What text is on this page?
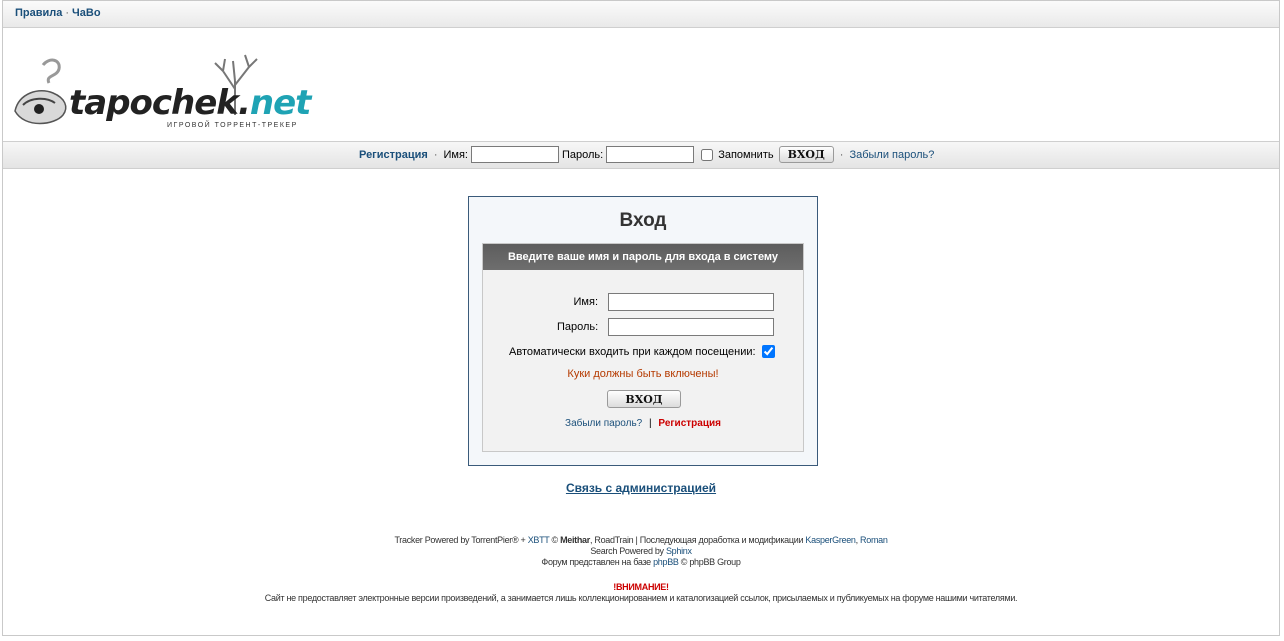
Правила · ЧаВо
tapochek.net
ИГРОВОЙ ТОРРЕНТ-ТРЕКЕР
Регистрация · Имя:	Пароль:	Запомнить	ВХОД	· Забыли пароль?
Вход
Введите ваше имя и пароль для входа в систему
Имя:
Пароль:
Автоматически входить при каждом посещении:
Куки должны быть включены!
ВХОД
Забыли пароль? | Регистрация
Связь с администрацией
Tracker Powered by TorrentPier® + XBTT © Meithar, RoadTrain | Последующая доработка и модификации KasperGreen, Roman
Search Powered by Sphinx
Форум представлен на базе phpBB © phpBB Group
!ВНИМАНИЕ!
Сайт не предоставляет электронные версии произведений, а занимается лишь коллекционированием и каталогизацией ссылок, присылаемых и публикуемых на форуме нашими читателями.
